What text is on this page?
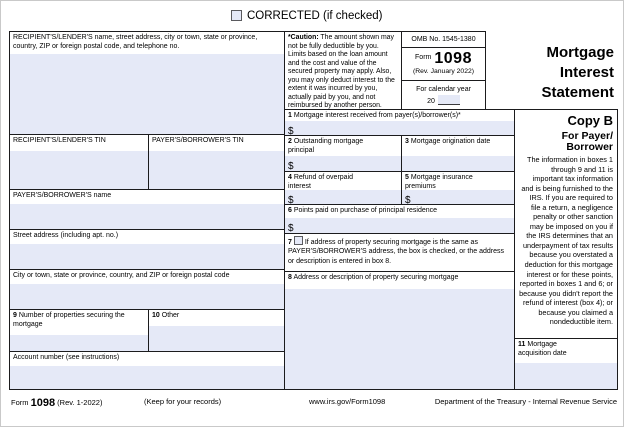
CORRECTED (if checked)
RECIPIENT'S/LENDER'S name, street address, city or town, state or province, country, ZIP or foreign postal code, and telephone no.
RECIPIENT'S/LENDER'S TIN	PAYER'S/BORROWER'S TIN
PAYER'S/BORROWER'S name
Street address (including apt. no.)
City or town, state or province, country, and ZIP or foreign postal code
9 Number of properties securing the mortgage
10 Other
Account number (see instructions)
*Caution: The amount shown may not be fully deductible by you. Limits based on the loan amount and the cost and value of the secured property may apply. Also, you may only deduct interest to the extent it was incurred by you, actually paid by you, and not reimbursed by another person.
OMB No. 1545-1380
$^{Form}$ 1098
(Rev. January 2022)
For calendar year
20
1 Mortgage interest received from payer(s)/borrower(s)*
$
2 Outstanding mortgage principal
$
3 Mortgage origination date
4 Refund of overpaid interest
$
5 Mortgage insurance premiums
$
6 Points paid on purchase of principal residence
$
7 If address of property securing mortgage is the same as PAYER'S/BORROWER'S address, the box is checked, or the address or description is entered in box 8.
8 Address or description of property securing mortgage
Mortgage
Interest
Statement
Copy B
For Payer/
Borrower
The information in boxes 1 through 9 and 11 is important tax information and is being furnished to the IRS. If you are required to file a return, a negligence penalty or other sanction may be imposed on you if the IRS determines that an underpayment of tax results because you overstated a deduction for this mortgage interest or for these points, reported in boxes 1 and 6; or because you didn't report the refund of interest (box 4); or because you claimed a nondeductible item.
11 Mortgage acquisition date
Form 1098 (Rev. 1-2022)	(Keep for your records)	www.irs.gov/Form1098	Department of the Treasury - Internal Revenue Service
